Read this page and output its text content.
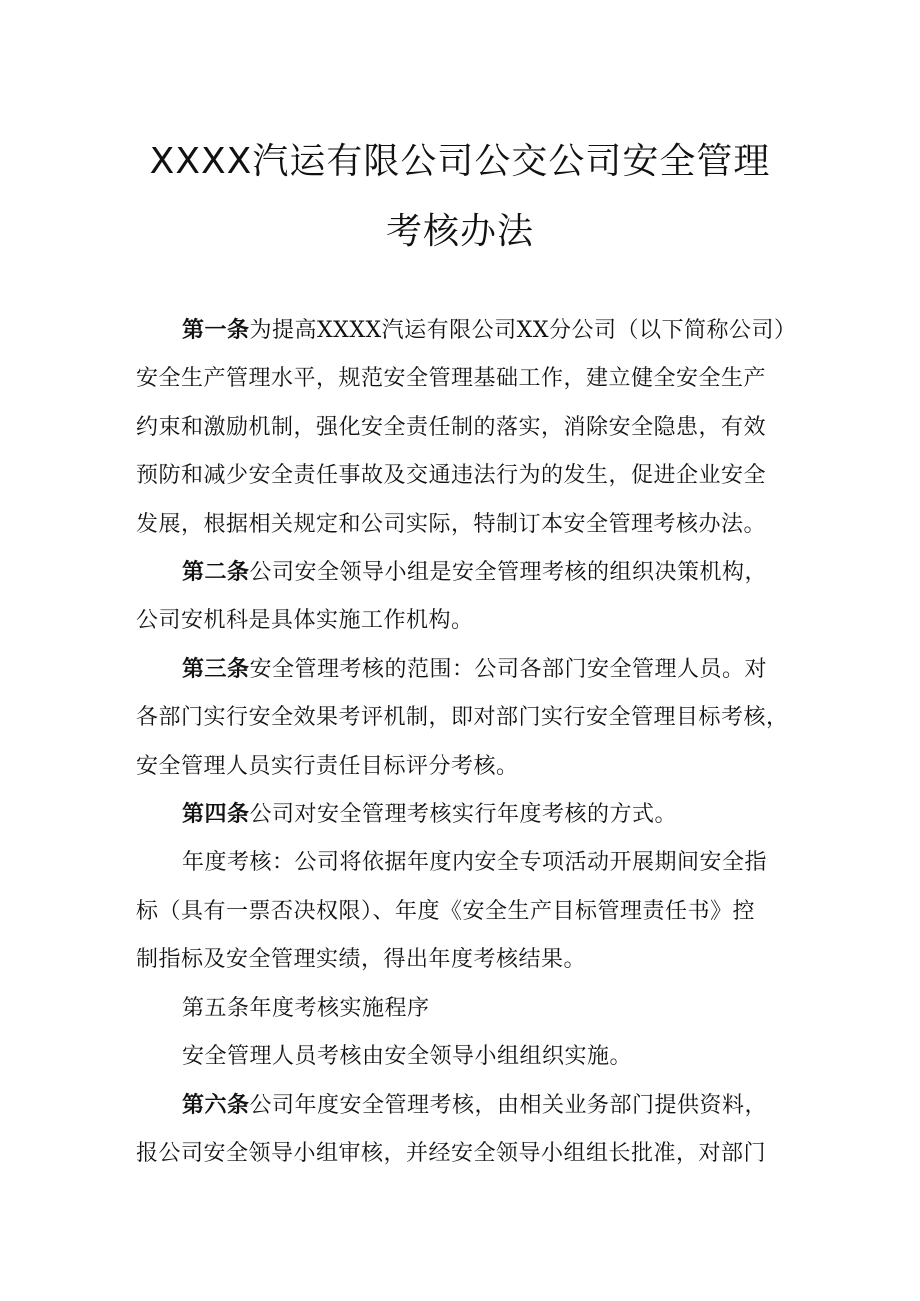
XXXX汽运有限公司公交公司安全管理
考核办法

第一条为提高XXXX汽运有限公司XX分公司（以下简称公司）
安全生产管理水平，规范安全管理基础工作，建立健全安全生产
约束和激励机制，强化安全责任制的落实，消除安全隐患，有效
预防和减少安全责任事故及交通违法行为的发生，促进企业安全
发展，根据相关规定和公司实际，特制订本安全管理考核办法。

第二条公司安全领导小组是安全管理考核的组织决策机构，
公司安机科是具体实施工作机构。

第三条安全管理考核的范围：公司各部门安全管理人员。对
各部门实行安全效果考评机制，即对部门实行安全管理目标考核，
安全管理人员实行责任目标评分考核。

第四条公司对安全管理考核实行年度考核的方式。

年度考核：公司将依据年度内安全专项活动开展期间安全指
标（具有一票否决权限）、年度《安全生产目标管理责任书》控
制指标及安全管理实绩，得出年度考核结果。

第五条年度考核实施程序

安全管理人员考核由安全领导小组组织实施。

第六条公司年度安全管理考核，由相关业务部门提供资料，
报公司安全领导小组审核，并经安全领导小组组长批准，对部门
